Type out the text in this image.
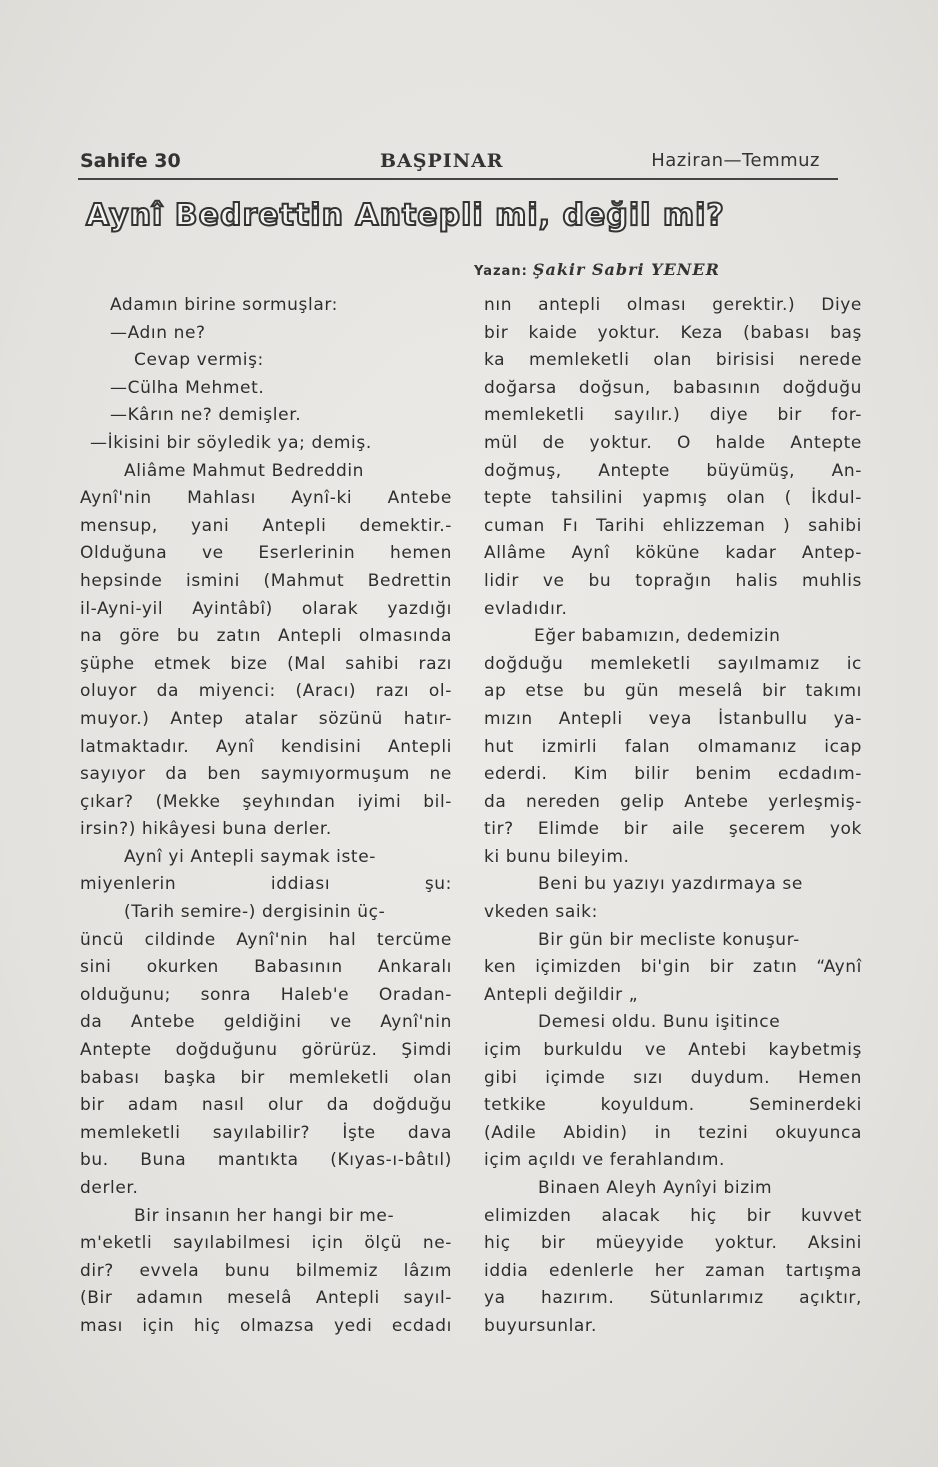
Sahife 30	BAŞPINAR	Haziran—Temmuz
Aynî Bedrettin Antepli mi, değil mi?
Yazan: Şakir Sabri YENER
Adamın birine sormuşlar:
—Adın ne?
Cevap vermiş:
—Cülha Mehmet.
—Kârın ne? demişler.
—İkisini bir söyledik ya; demiş.
Aliâme Mahmut Bedreddin
Aynî'nin Mahlası Aynî-ki Antebe
mensup, yani Antepli demektir.-
Olduğuna ve Eserlerinin hemen
hepsinde ismini (Mahmut Bedrettin
il-Ayni-yil Ayintâbî) olarak yazdığı
na göre bu zatın Antepli olmasında
şüphe etmek bize (Mal sahibi razı
oluyor da miyenci: (Aracı) razı ol-
muyor.) Antep atalar sözünü hatır-
latmaktadır. Aynî kendisini Antepli
sayıyor da ben saymıyormuşum ne
çıkar? (Mekke şeyhından iyimi bil-
irsin?) hikâyesi buna derler.
Aynî yi Antepli saymak iste-
miyenlerin iddiası şu:
(Tarih semire-) dergisinin üç-
üncü cildinde Aynî'nin hal tercüme
sini okurken Babasının Ankaralı
olduğunu; sonra Haleb'e Oradan-
da Antebe geldiğini ve Aynî'nin
Antepte doğduğunu görürüz. Şimdi
babası başka bir memleketli olan
bir adam nasıl olur da doğduğu
memleketli sayılabilir? İşte dava
bu. Buna mantıkta (Kıyas-ı-bâtıl)
derler.
Bir insanın her hangi bir me-
m'eketli sayılabilmesi için ölçü ne-
dir? evvela bunu bilmemiz lâzım
(Bir adamın meselâ Antepli sayıl-
ması için hiç olmazsa yedi ecdadı
nın antepli olması gerektir.) Diye
bir kaide yoktur. Keza (babası baş
ka memleketli olan birisisi nerede
doğarsa doğsun, babasının doğduğu
memleketli sayılır.) diye bir for-
mül de yoktur. O halde Antepte
doğmuş, Antepte büyümüş, An-
tepte tahsilini yapmış olan ( İkdul-
cuman Fı Tarihi ehlizzeman ) sahibi
Allâme Aynî köküne kadar Antep-
lidir ve bu toprağın halis muhlis
evladıdır.
Eğer babamızın, dedemizin
doğduğu memleketli sayılmamız ic
ap etse bu gün meselâ bir takımı
mızın Antepli veya İstanbullu ya-
hut izmirli falan olmamanız icap
ederdi. Kim bilir benim ecdadım-
da nereden gelip Antebe yerleşmiş-
tir? Elimde bir aile şecerem yok
ki bunu bileyim.
Beni bu yazıyı yazdırmaya se
vkeden saik:
Bir gün bir mecliste konuşur-
ken içimizden bi'gin bir zatın “Aynî
Antepli değildir „
Demesi oldu. Bunu işitince
içim burkuldu ve Antebi kaybetmiş
gibi içimde sızı duydum. Hemen
tetkike koyuldum. Seminerdeki
(Adile Abidin) in tezini okuyunca
içim açıldı ve ferahlandım.
Binaen Aleyh Aynîyi bizim
elimizden alacak hiç bir kuvvet
hiç bir müeyyide yoktur. Aksini
iddia edenlerle her zaman tartışma
ya hazırım. Sütunlarımız açıktır,
buyursunlar.
